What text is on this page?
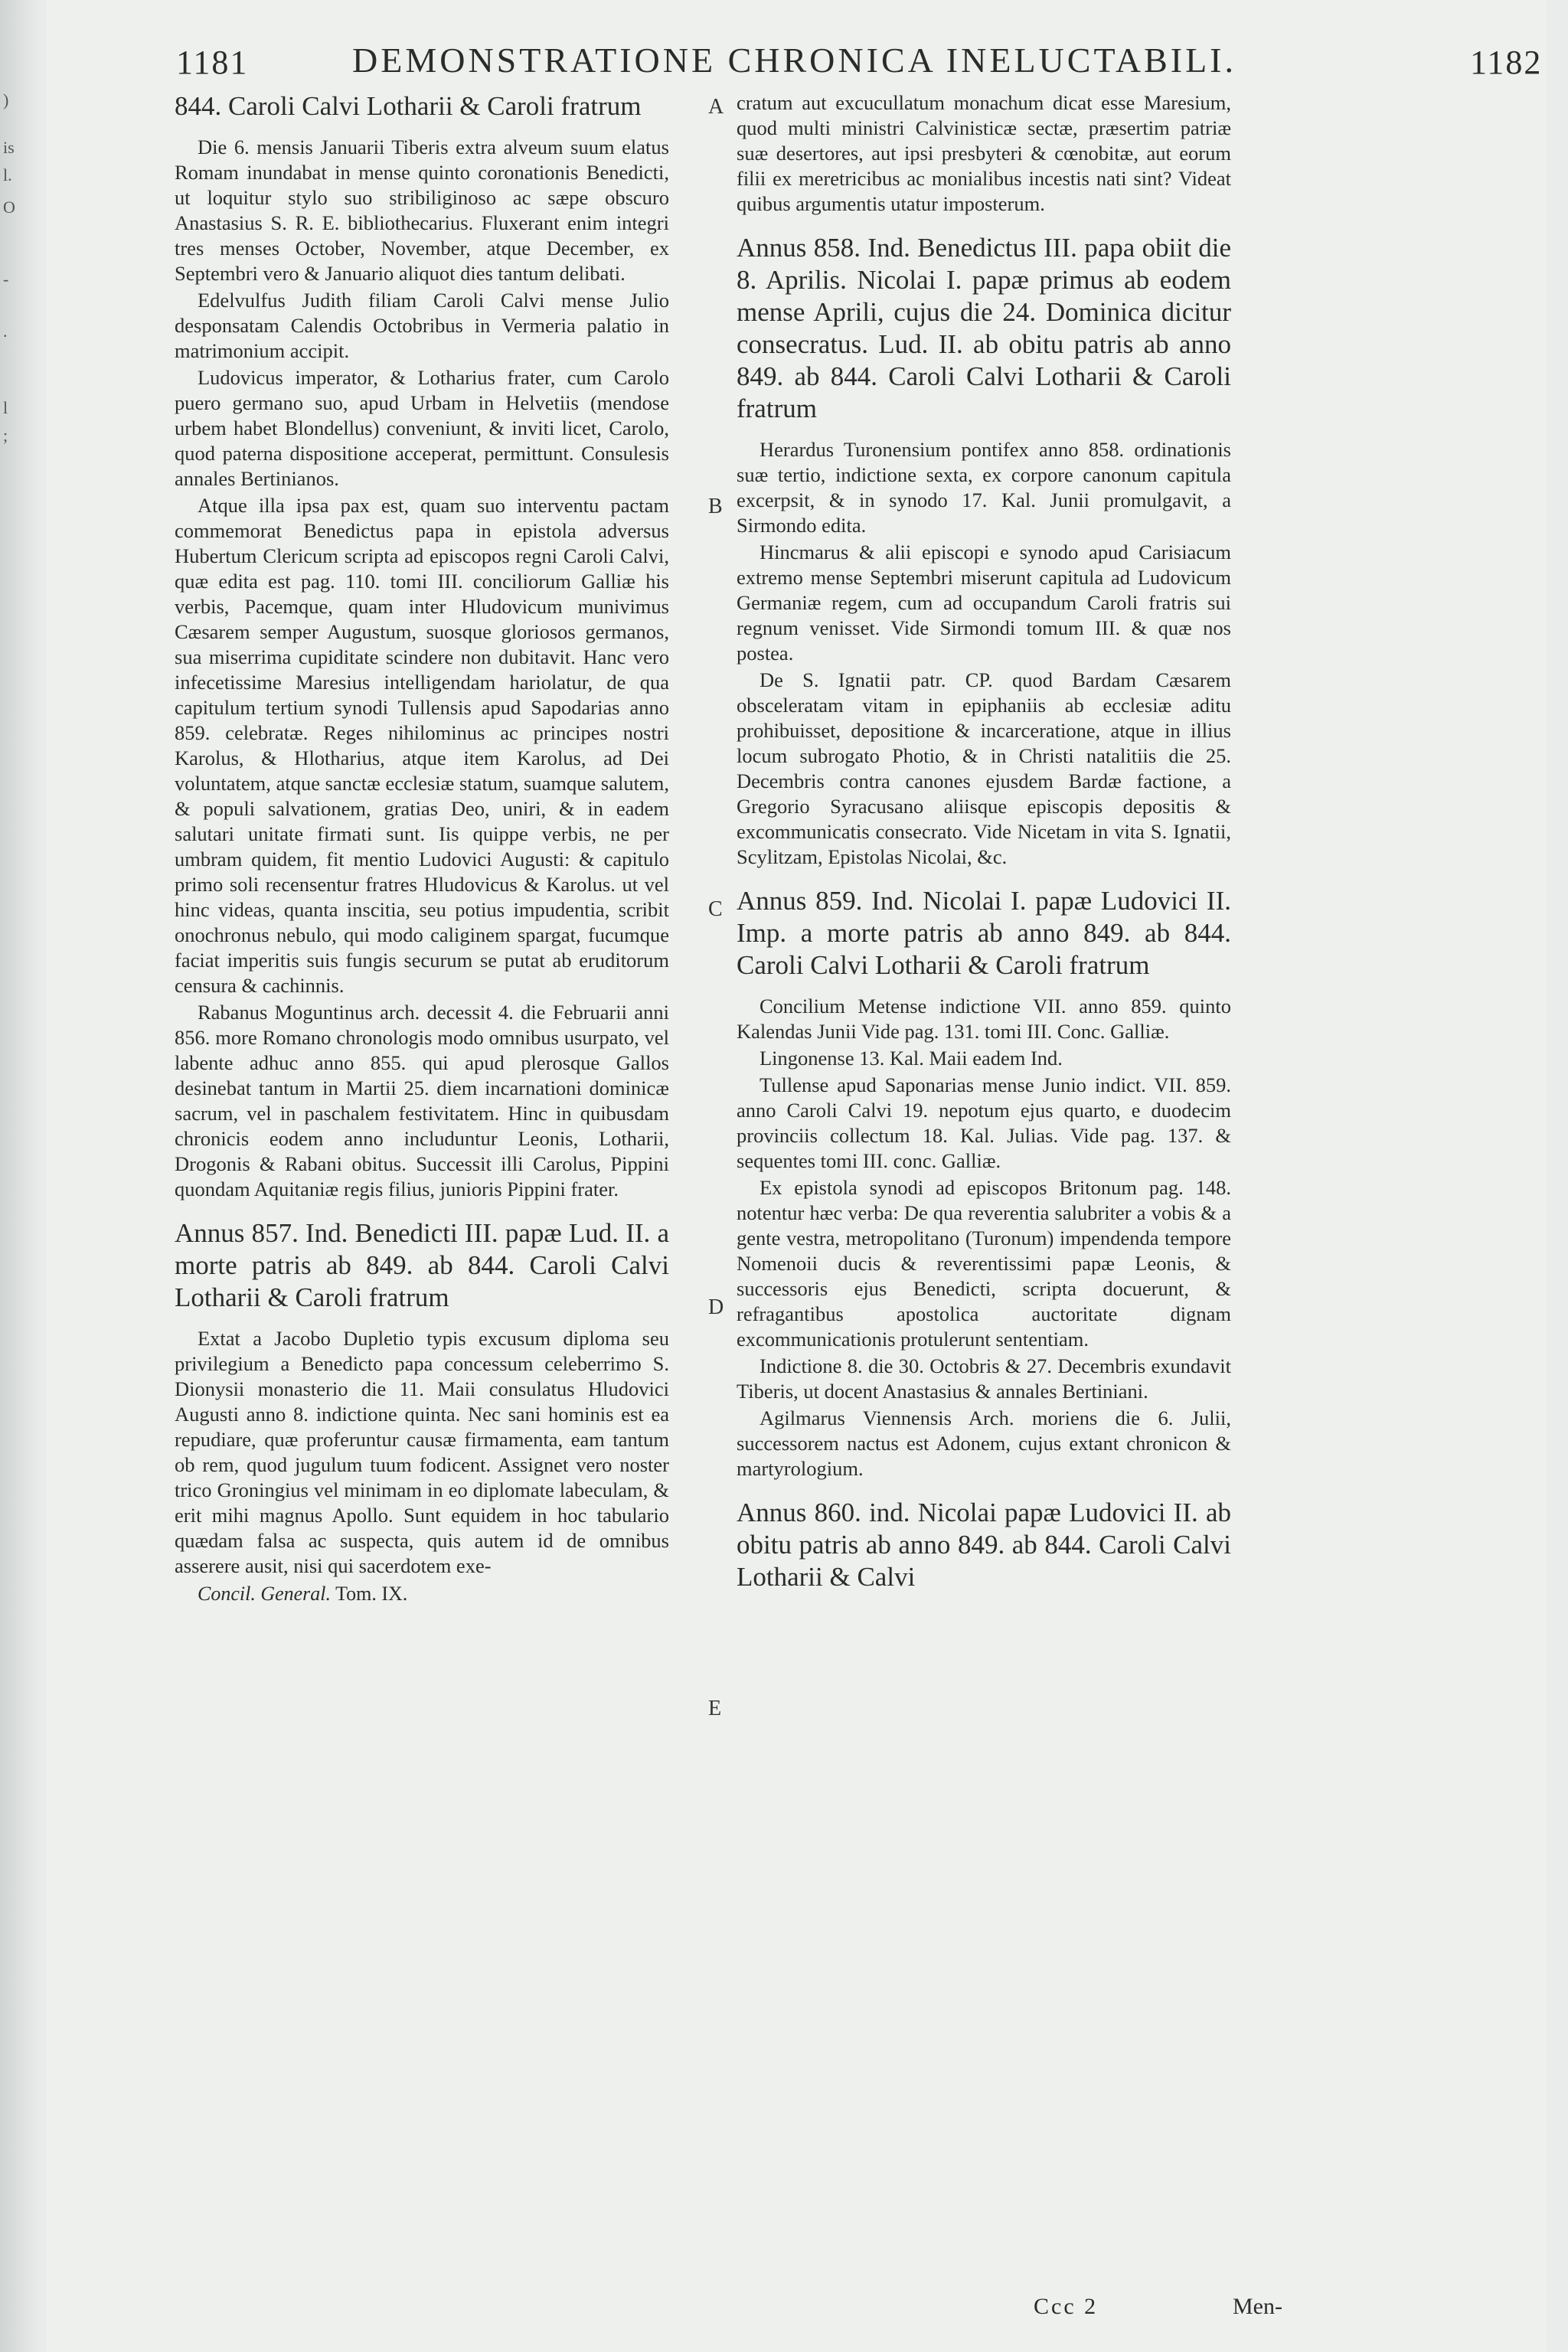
)
is
l.
O
-
.
l
;
1181	DEMONSTRATIONE CHRONICA INELUCTABILI.	1182
A
B
C
D
E

844. Caroli Calvi Lotharii & Caroli fratrum

Die 6. mensis Januarii Tiberis extra alveum suum elatus Romam inundabat in mense quinto coronationis Benedicti, ut loquitur stylo suo stribiliginoso ac sæpe obscuro Anastasius S. R. E. bibliothecarius. Fluxerant enim integri tres menses October, November, atque December, ex Septembri vero & Januario aliquot dies tantum delibati.

Edelvulfus Judith filiam Caroli Calvi mense Julio desponsatam Calendis Octobribus in Vermeria palatio in matrimonium accipit.

Ludovicus imperator, & Lotharius frater, cum Carolo puero germano suo, apud Urbam in Helvetiis (mendose urbem habet Blondellus) conveniunt, & inviti licet, Carolo, quod paterna dispositione acceperat, permittunt. Consulesis annales Bertinianos.

Atque illa ipsa pax est, quam suo interventu pactam commemorat Benedictus papa in epistola adversus Hubertum Clericum scripta ad episcopos regni Caroli Calvi, quæ edita est pag. 110. tomi III. conciliorum Galliæ his verbis, Pacemque, quam inter Hludovicum munivimus Cæsarem semper Augustum, suosque gloriosos germanos, sua miserrima cupiditate scindere non dubitavit. Hanc vero infecetissime Maresius intelligendam hariolatur, de qua capitulum tertium synodi Tullensis apud Sapodarias anno 859. celebratæ. Reges nihilominus ac principes nostri Karolus, & Hlotharius, atque item Karolus, ad Dei voluntatem, atque sanctæ ecclesiæ statum, suamque salutem, & populi salvationem, gratias Deo, uniri, & in eadem salutari unitate firmati sunt. Iis quippe verbis, ne per umbram quidem, fit mentio Ludovici Augusti: & capitulo primo soli recensentur fratres Hludovicus & Karolus. ut vel hinc videas, quanta inscitia, seu potius impudentia, scribit onochronus nebulo, qui modo caliginem spargat, fucumque faciat imperitis suis fungis securum se putat ab eruditorum censura & cachinnis.

Rabanus Moguntinus arch. decessit 4. die Februarii anni 856. more Romano chronologis modo omnibus usurpato, vel labente adhuc anno 855. qui apud plerosque Gallos desinebat tantum in Martii 25. diem incarnationi dominicæ sacrum, vel in paschalem festivitatem. Hinc in quibusdam chronicis eodem anno includuntur Leonis, Lotharii, Drogonis & Rabani obitus. Successit illi Carolus, Pippini quondam Aquitaniæ regis filius, junioris Pippini frater.

Annus 857. Ind. Benedicti III. papæ Lud. II. a morte patris ab 849. ab 844. Caroli Calvi Lotharii & Caroli fratrum

Extat a Jacobo Dupletio typis excusum diploma seu privilegium a Benedicto papa concessum celeberrimo S. Dionysii monasterio die 11. Maii consulatus Hludovici Augusti anno 8. indictione quinta. Nec sani hominis est ea repudiare, quæ proferuntur causæ firmamenta, eam tantum ob rem, quod jugulum tuum fodicent. Assignet vero noster trico Groningius vel minimam in eo diplomate labeculam, & erit mihi magnus Apollo. Sunt equidem in hoc tabulario quædam falsa ac suspecta, quis autem id de omnibus asserere ausit, nisi qui sacerdotem exe-

Concil. General. Tom. IX.

cratum aut excucullatum monachum dicat esse Maresium, quod multi ministri Calvinisticæ sectæ, præsertim patriæ suæ desertores, aut ipsi presbyteri & cœnobitæ, aut eorum filii ex meretricibus ac monialibus incestis nati sint? Videat quibus argumentis utatur imposterum.

Annus 858. Ind. Benedictus III. papa obiit die 8. Aprilis. Nicolai I. papæ primus ab eodem mense Aprili, cujus die 24. Dominica dicitur consecratus. Lud. II. ab obitu patris ab anno 849. ab 844. Caroli Calvi Lotharii & Caroli fratrum

Herardus Turonensium pontifex anno 858. ordinationis suæ tertio, indictione sexta, ex corpore canonum capitula excerpsit, & in synodo 17. Kal. Junii promulgavit, a Sirmondo edita.

Hincmarus & alii episcopi e synodo apud Carisiacum extremo mense Septembri miserunt capitula ad Ludovicum Germaniæ regem, cum ad occupandum Caroli fratris sui regnum venisset. Vide Sirmondi tomum III. & quæ nos postea.

De S. Ignatii patr. CP. quod Bardam Cæsarem obsceleratam vitam in epiphaniis ab ecclesiæ aditu prohibuisset, depositione & incarceratione, atque in illius locum subrogato Photio, & in Christi natalitiis die 25. Decembris contra canones ejusdem Bardæ factione, a Gregorio Syracusano aliisque episcopis depositis & excommunicatis consecrato. Vide Nicetam in vita S. Ignatii, Scylitzam, Epistolas Nicolai, &c.

Annus 859. Ind. Nicolai I. papæ Ludovici II. Imp. a morte patris ab anno 849. ab 844. Caroli Calvi Lotharii & Caroli fratrum

Concilium Metense indictione VII. anno 859. quinto Kalendas Junii Vide pag. 131. tomi III. Conc. Galliæ.

Lingonense 13. Kal. Maii eadem Ind.

Tullense apud Saponarias mense Junio indict. VII. 859. anno Caroli Calvi 19. nepotum ejus quarto, e duodecim provinciis collectum 18. Kal. Julias. Vide pag. 137. & sequentes tomi III. conc. Galliæ.

Ex epistola synodi ad episcopos Britonum pag. 148. notentur hæc verba: De qua reverentia salubriter a vobis & a gente vestra, metropolitano (Turonum) impendenda tempore Nomenoii ducis & reverentissimi papæ Leonis, & successoris ejus Benedicti, scripta docuerunt, & refragantibus apostolica auctoritate dignam excommunicationis protulerunt sententiam.

Indictione 8. die 30. Octobris & 27. Decembris exundavit Tiberis, ut docent Anastasius & annales Bertiniani.

Agilmarus Viennensis Arch. moriens die 6. Julii, successorem nactus est Adonem, cujus extant chronicon & martyrologium.

Annus 860. ind. Nicolai papæ Ludovici II. ab obitu patris ab anno 849. ab 844. Caroli Calvi Lotharii & Calvi

Ccc 2	Men-
